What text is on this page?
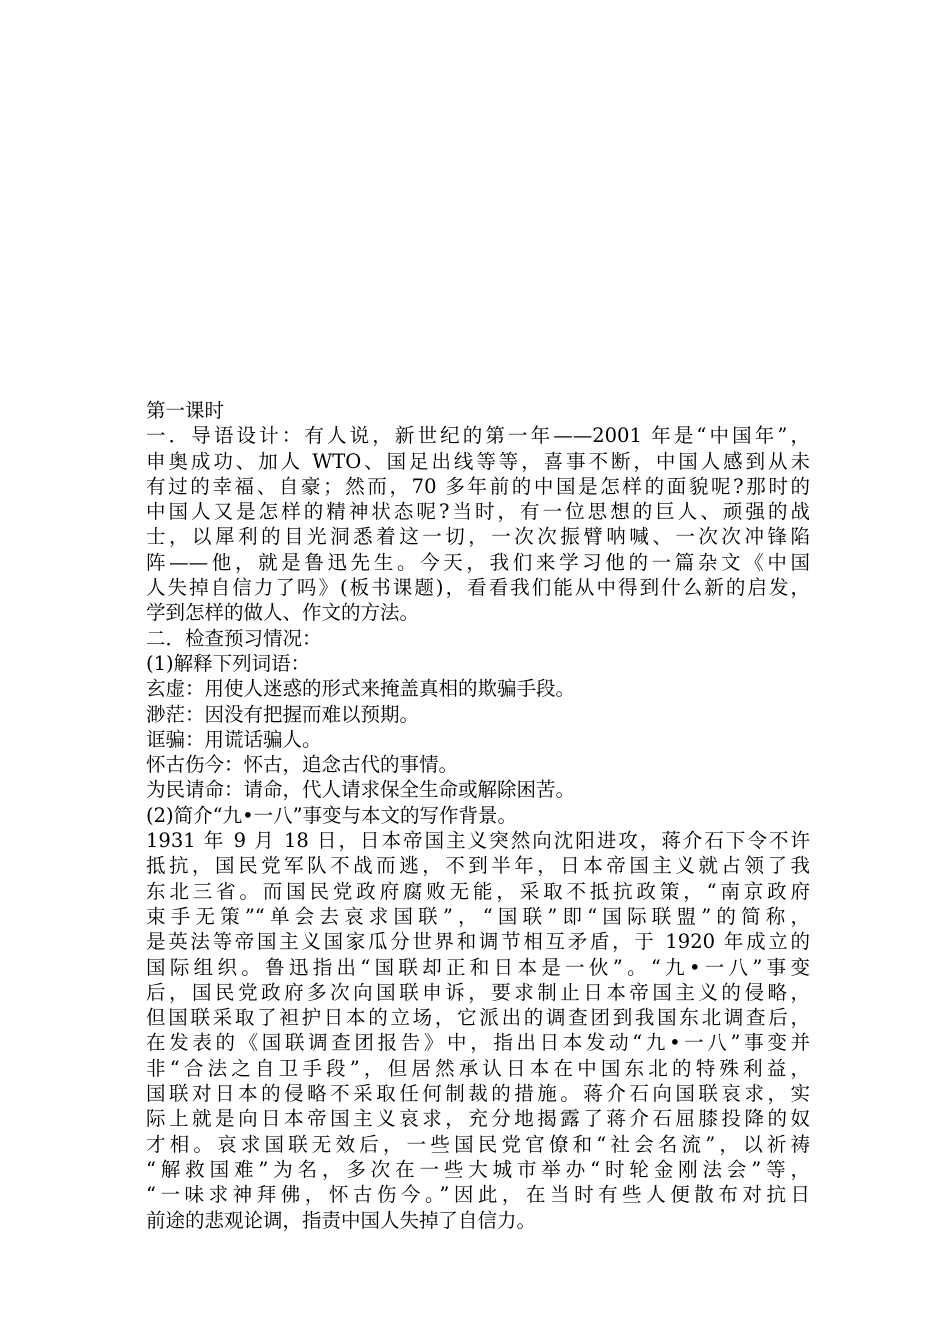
第一课时
一．导语设计：有人说，新世纪的第一年——2001 年是“中国年”，
申奥成功、加人 WTO、国足出线等等，喜事不断，中国人感到从未
有过的幸福、自豪；然而，70 多年前的中国是怎样的面貌呢?那时的
中国人又是怎样的精神状态呢?当时，有一位思想的巨人、顽强的战
士，以犀利的目光洞悉着这一切，一次次振臂呐喊、一次次冲锋陷
阵——他，就是鲁迅先生。今天，我们来学习他的一篇杂文《中国
人失掉自信力了吗》(板书课题)，看看我们能从中得到什么新的启发，
学到怎样的做人、作文的方法。
二．检查预习情况：
(1)解释下列词语：
玄虚：用使人迷惑的形式来掩盖真相的欺骗手段。
渺茫：因没有把握而难以预期。
诓骗：用谎话骗人。
怀古伤今：怀古，追念古代的事情。
为民请命：请命，代人请求保全生命或解除困苦。
(2)简介“九•一八”事变与本文的写作背景。
1931 年 9 月 18 日，日本帝国主义突然向沈阳进攻，蒋介石下令不许
抵抗，国民党军队不战而逃，不到半年，日本帝国主义就占领了我
东北三省。而国民党政府腐败无能，采取不抵抗政策，“南京政府
束手无策”“单会去哀求国联”，“国联”即“国际联盟”的简称，
是英法等帝国主义国家瓜分世界和调节相互矛盾，于 1920 年成立的
国际组织。鲁迅指出“国联却正和日本是一伙”。“九•一八”事变
后，国民党政府多次向国联申诉，要求制止日本帝国主义的侵略，
但国联采取了袒护日本的立场，它派出的调查团到我国东北调查后，
在发表的《国联调查团报告》中，指出日本发动“九•一八”事变并
非“合法之自卫手段”，但居然承认日本在中国东北的特殊利益，
国联对日本的侵略不采取任何制裁的措施。蒋介石向国联哀求，实
际上就是向日本帝国主义哀求，充分地揭露了蒋介石屈膝投降的奴
才相。哀求国联无效后，一些国民党官僚和“社会名流”，以祈祷
“解救国难”为名，多次在一些大城市举办“时轮金刚法会”等，
“一味求神拜佛，怀古伤今。”因此，在当时有些人便散布对抗日
前途的悲观论调，指责中国人失掉了自信力。
